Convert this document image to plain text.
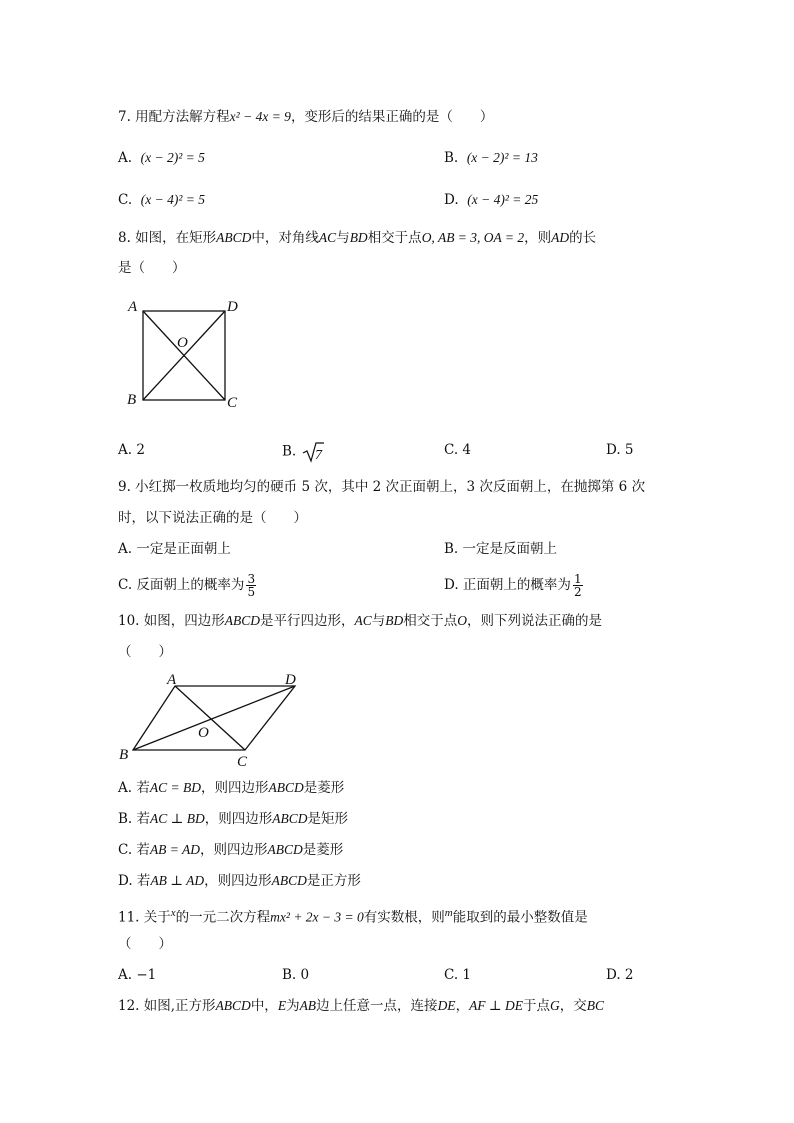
7. 用配方法解方程x² − 4x = 9，变形后的结果正确的是（　　）
A. (x − 2)² = 5	B. (x − 2)² = 13
C. (x − 4)² = 5	D. (x − 4)² = 25
8. 如图，在矩形ABCD中，对角线AC与BD相交于点O, AB = 3, OA = 2，则AD的长
是（　　）
A	D
O
B	C
A. 2	B. 7	C. 4	D. 5
9. 小红掷一枚质地均匀的硬币 5 次，其中 2 次正面朝上，3 次反面朝上，在抛掷第 6 次
时，以下说法正确的是（　　）
A. 一定是正面朝上	B. 一定是反面朝上
C. 反面朝上的概率为 $\frac{3}{5}$	D. 正面朝上的概率为 $\frac{1}{2}$
10. 如图，四边形ABCD是平行四边形，AC与BD相交于点O，则下列说法正确的是
（　　）
A	D
O
B	C
A. 若AC = BD，则四边形ABCD是菱形
B. 若AC ⊥ BD，则四边形ABCD是矩形
C. 若AB = AD，则四边形ABCD是菱形
D. 若AB ⊥ AD，则四边形ABCD是正方形
11. 关于$^x$的一元二次方程mx² + 2x − 3 = 0有实数根，则$^m$能取到的最小整数值是
（　　）
A. −1	B. 0	C. 1	D. 2
12. 如图,正方形ABCD中，E为AB边上任意一点，连接DE，AF ⊥ DE于点G，交BC
